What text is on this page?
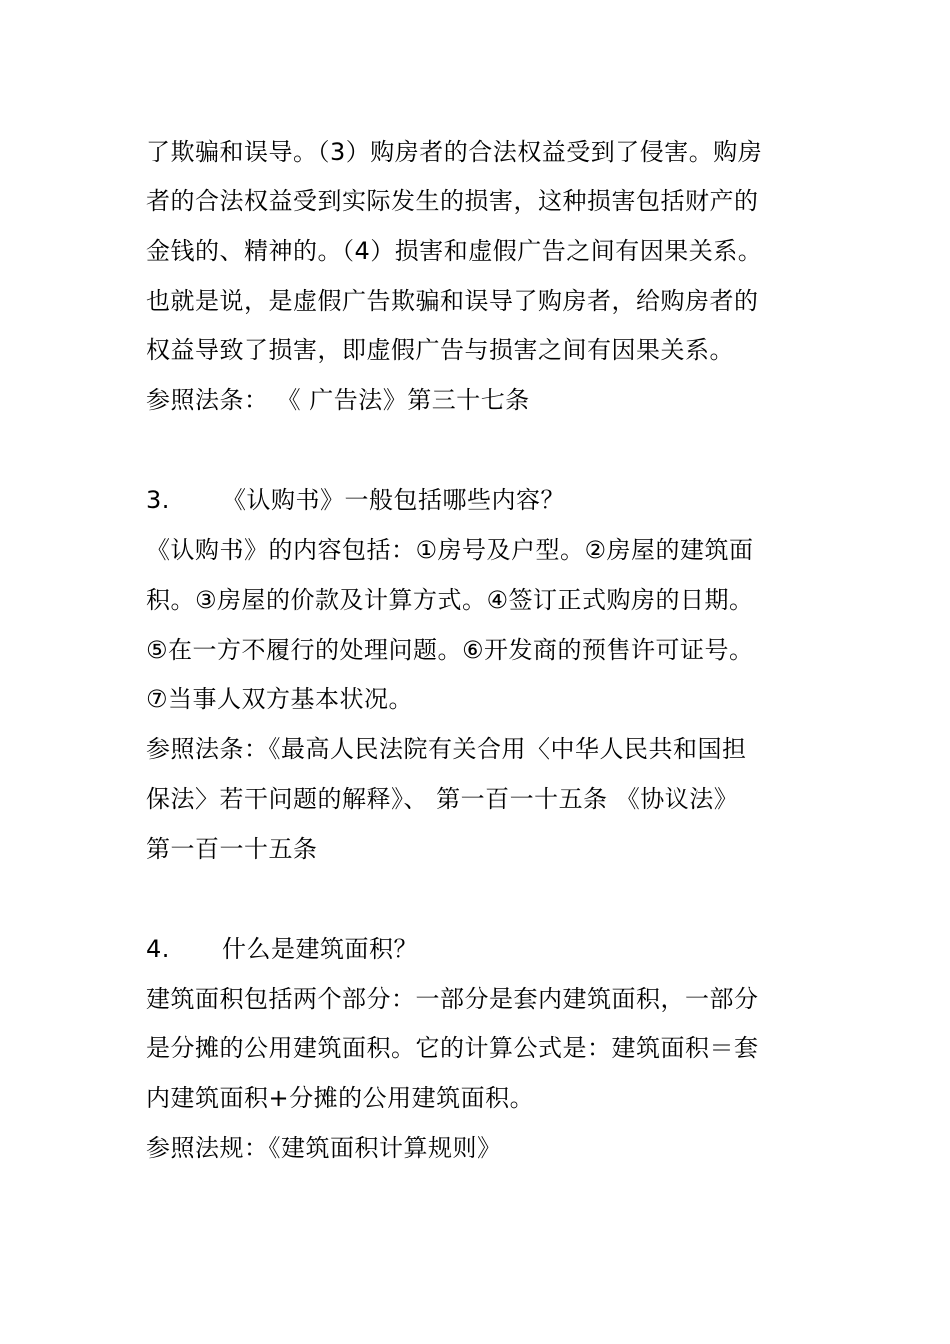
了欺骗和误导。（3）购房者的合法权益受到了侵害。购房
者的合法权益受到实际发生的损害，这种损害包括财产的
金钱的、精神的。（4）损害和虚假广告之间有因果关系。
也就是说，是虚假广告欺骗和误导了购房者，给购房者的
权益导致了损害，即虚假广告与损害之间有因果关系。
参照法条： 《 广告法》第三十七条
3. 《认购书》一般包括哪些内容？
《认购书》的内容包括：①房号及户型。②房屋的建筑面
积。③房屋的价款及计算方式。④签订正式购房的日期。
⑤在一方不履行的处理问题。⑥开发商的预售许可证号。
⑦当事人双方基本状况。
参照法条：《最高人民法院有关合用〈中华人民共和国担
保法〉若干问题的解释》、 第一百一十五条 《协议法》
第一百一十五条
4. 什么是建筑面积？
建筑面积包括两个部分：一部分是套内建筑面积，一部分
是分摊的公用建筑面积。它的计算公式是：建筑面积＝套
内建筑面积+分摊的公用建筑面积。
参照法规：《建筑面积计算规则》
